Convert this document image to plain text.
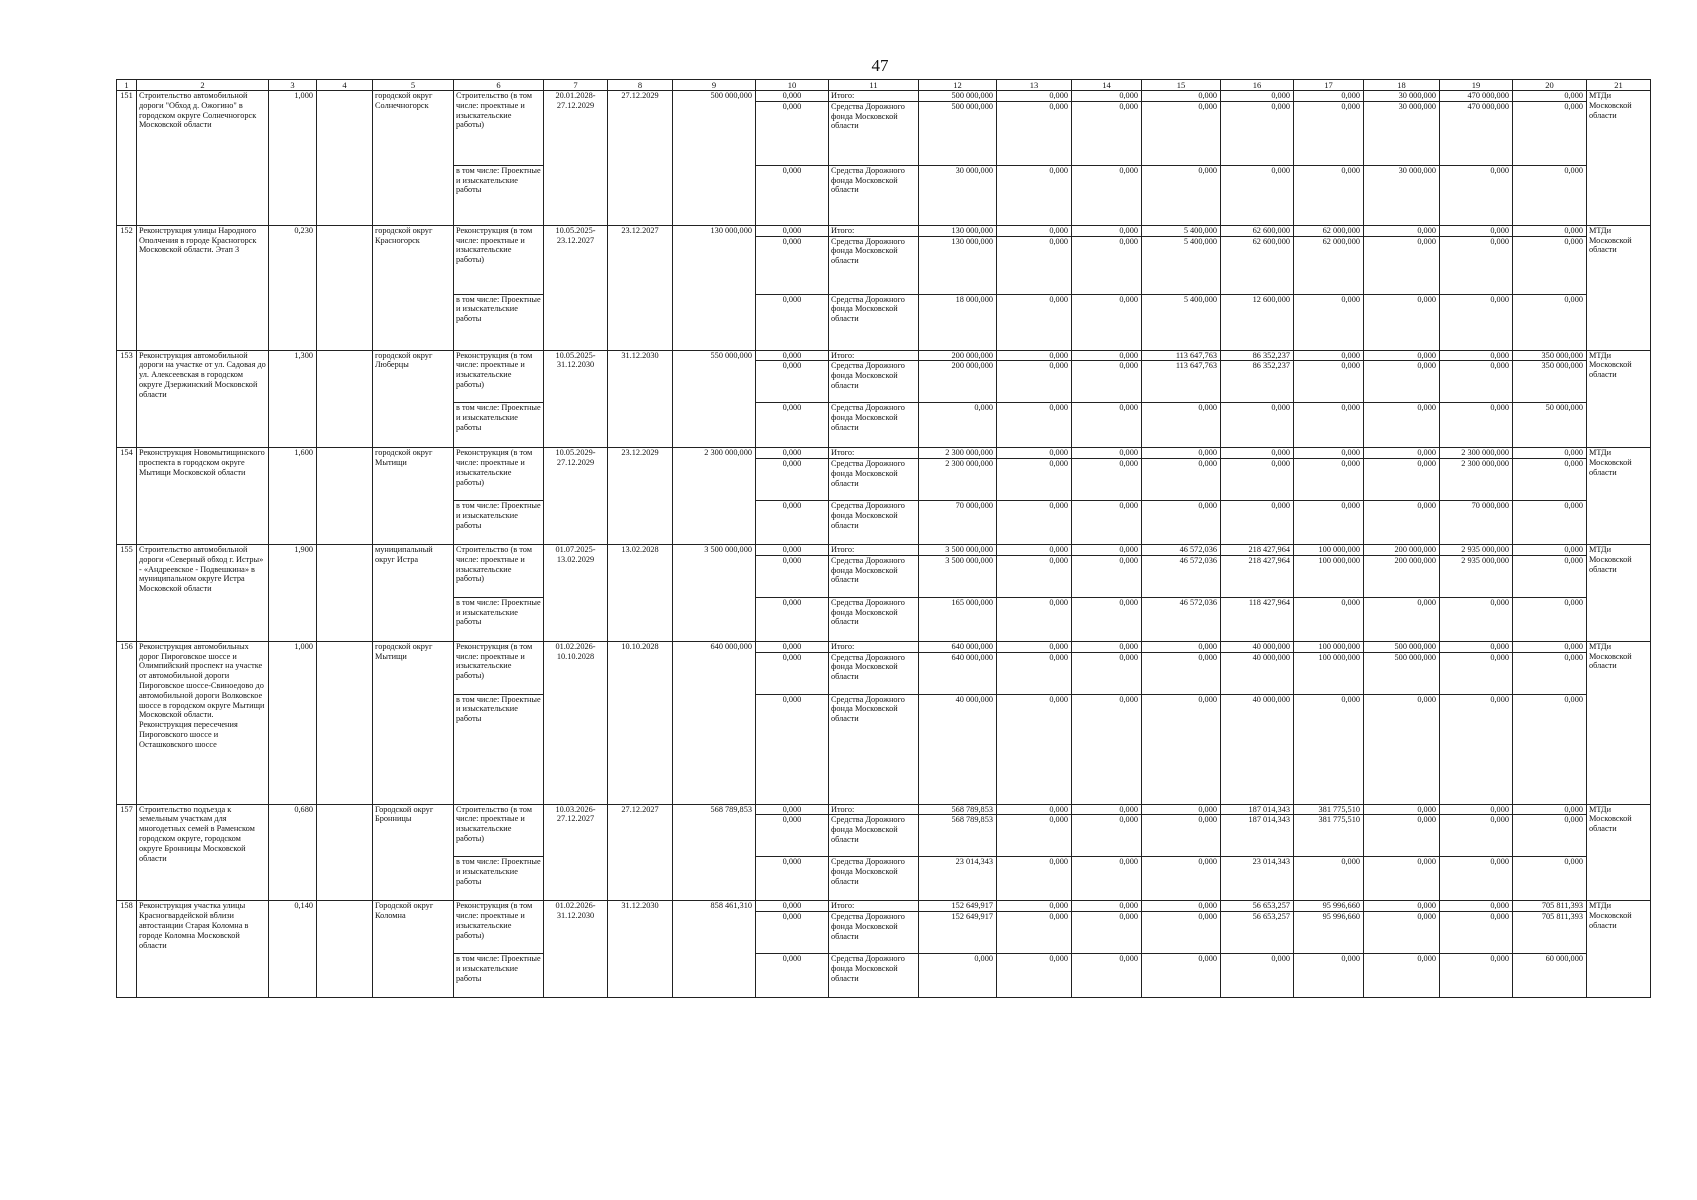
47
1	2	3	4	5	6	7	8	9	10	11	12	13	14	15	16	17	18	19	20	21
151	Строительство автомобильной дороги "Обход д. Ожогино" в городском округе Солнечногорск Московской области	1,000		городской округ Солнечногорск	Строительство (в том числе: проектные и изыскательские работы)	20.01.2028-27.12.2029	27.12.2029	500 000,000	0,000	Итого:	500 000,000	0,000	0,000	0,000	0,000	0,000	30 000,000	470 000,000	0,000	МТДи Московской области
									0,000	Средства Дорожного фонда Московской области	500 000,000	0,000	0,000	0,000	0,000	0,000	30 000,000	470 000,000	0,000	
					в том числе: Проектные и изыскательские работы				0,000	Средства Дорожного фонда Московской области	30 000,000	0,000	0,000	0,000	0,000	0,000	30 000,000	0,000	0,000	
152	Реконструкция улицы Народного Ополчения в городе Красногорск Московской области. Этап 3	0,230		городской округ Красногорск	Реконструкция (в том числе: проектные и изыскательские работы)	10.05.2025-23.12.2027	23.12.2027	130 000,000	0,000	Итого:	130 000,000	0,000	0,000	5 400,000	62 600,000	62 000,000	0,000	0,000	0,000	МТДи Московской области
									0,000	Средства Дорожного фонда Московской области	130 000,000	0,000	0,000	5 400,000	62 600,000	62 000,000	0,000	0,000	0,000	
					в том числе: Проектные и изыскательские работы				0,000	Средства Дорожного фонда Московской области	18 000,000	0,000	0,000	5 400,000	12 600,000	0,000	0,000	0,000	0,000	
153	Реконструкция автомобильной дороги на участке от ул. Садовая до ул. Алексеевская в городском округе Дзержинский Московской области	1,300		городской округ Люберцы	Реконструкция (в том числе: проектные и изыскательские работы)	10.05.2025-31.12.2030	31.12.2030	550 000,000	0,000	Итого:	200 000,000	0,000	0,000	113 647,763	86 352,237	0,000	0,000	0,000	350 000,000	МТДи Московской области
									0,000	Средства Дорожного фонда Московской области	200 000,000	0,000	0,000	113 647,763	86 352,237	0,000	0,000	0,000	350 000,000	
					в том числе: Проектные и изыскательские работы				0,000	Средства Дорожного фонда Московской области	0,000	0,000	0,000	0,000	0,000	0,000	0,000	0,000	50 000,000	
154	Реконструкция Новомытищинского проспекта в городском округе Мытищи Московской области	1,600		городской округ Мытищи	Реконструкция (в том числе: проектные и изыскательские работы)	10.05.2029-27.12.2029	23.12.2029	2 300 000,000	0,000	Итого:	2 300 000,000	0,000	0,000	0,000	0,000	0,000	0,000	2 300 000,000	0,000	МТДи Московской области
									0,000	Средства Дорожного фонда Московской области	2 300 000,000	0,000	0,000	0,000	0,000	0,000	0,000	2 300 000,000	0,000	
					в том числе: Проектные и изыскательские работы				0,000	Средства Дорожного фонда Московской области	70 000,000	0,000	0,000	0,000	0,000	0,000	0,000	70 000,000	0,000	
155	Строительство автомобильной дороги «Северный обход г. Истры» - «Андреевское - Подвешкина» в муниципальном округе Истра Московской области	1,900		муниципальный округ Истра	Строительство (в том числе: проектные и изыскательские работы)	01.07.2025-13.02.2029	13.02.2028	3 500 000,000	0,000	Итого:	3 500 000,000	0,000	0,000	46 572,036	218 427,964	100 000,000	200 000,000	2 935 000,000	0,000	МТДи Московской области
									0,000	Средства Дорожного фонда Московской области	3 500 000,000	0,000	0,000	46 572,036	218 427,964	100 000,000	200 000,000	2 935 000,000	0,000	
					в том числе: Проектные и изыскательские работы				0,000	Средства Дорожного фонда Московской области	165 000,000	0,000	0,000	46 572,036	118 427,964	0,000	0,000	0,000	0,000	
156	Реконструкция автомобильных дорог Пироговское шоссе и Олимпийский проспект на участке от автомобильной дороги Пироговское шоссе-Свиноедово до автомобильной дороги Волковское шоссе в городском округе Мытищи Московской области. Реконструкция пересечения Пироговского шоссе и Осташковского шоссе	1,000		городской округ Мытищи	Реконструкция (в том числе: проектные и изыскательские работы)	01.02.2026-10.10.2028	10.10.2028	640 000,000	0,000	Итого:	640 000,000	0,000	0,000	0,000	40 000,000	100 000,000	500 000,000	0,000	0,000	МТДи Московской области
									0,000	Средства Дорожного фонда Московской области	640 000,000	0,000	0,000	0,000	40 000,000	100 000,000	500 000,000	0,000	0,000	
					в том числе: Проектные и изыскательские работы				0,000	Средства Дорожного фонда Московской области	40 000,000	0,000	0,000	0,000	40 000,000	0,000	0,000	0,000	0,000	
157	Строительство подъезда к земельным участкам для многодетных семей в Раменском городском округе, городском округе Бронницы Московской области	0,680		Городской округ Бронницы	Строительство (в том числе: проектные и изыскательские работы)	10.03.2026-27.12.2027	27.12.2027	568 789,853	0,000	Итого:	568 789,853	0,000	0,000	0,000	187 014,343	381 775,510	0,000	0,000	0,000	МТДи Московской области
									0,000	Средства Дорожного фонда Московской области	568 789,853	0,000	0,000	0,000	187 014,343	381 775,510	0,000	0,000	0,000	
					в том числе: Проектные и изыскательские работы				0,000	Средства Дорожного фонда Московской области	23 014,343	0,000	0,000	0,000	23 014,343	0,000	0,000	0,000	0,000	
158	Реконструкция участка улицы Красногвардейской вблизи автостанции Старая Коломна в городе Коломна Московской области	0,140		Городской округ Коломна	Реконструкция (в том числе: проектные и изыскательские работы)	01.02.2026-31.12.2030	31.12.2030	858 461,310	0,000	Итого:	152 649,917	0,000	0,000	0,000	56 653,257	95 996,660	0,000	0,000	705 811,393	МТДи Московской области
									0,000	Средства Дорожного фонда Московской области	152 649,917	0,000	0,000	0,000	56 653,257	95 996,660	0,000	0,000	705 811,393	
					в том числе: Проектные и изыскательские работы				0,000	Средства Дорожного фонда Московской области	0,000	0,000	0,000	0,000	0,000	0,000	0,000	0,000	60 000,000	
